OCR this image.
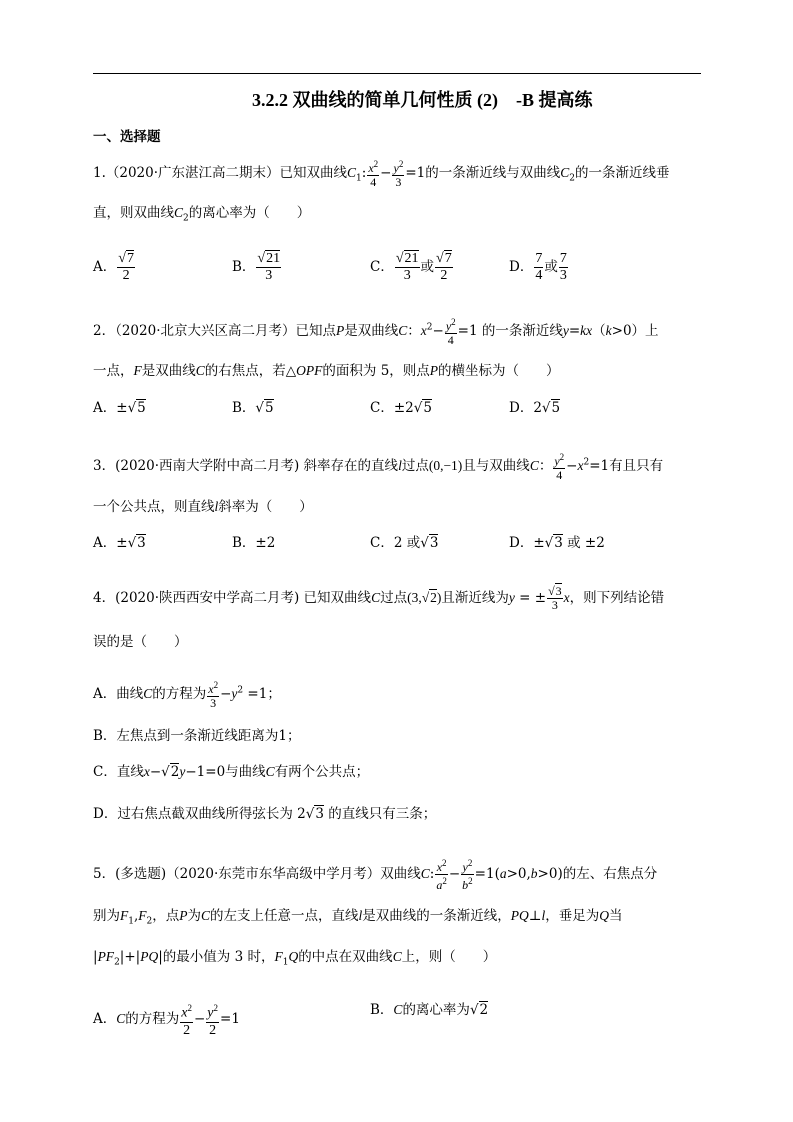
3.2.2 双曲线的简单几何性质 (2)　-B 提高练
一、选择题
1.（2020·广东湛江高二期末）已知双曲线$C_1$: $\frac{x^2}{4} - \frac{y^2}{3} =1$的一条渐近线与双曲线$C_2$的一条渐近线垂
直，则双曲线$C_2$的离心率为（　　）
A． $\frac{√7}{2}$	B． $\frac{√21}{3}$	C． $\frac{√21}{3}$ 或 $\frac{√7}{2}$	D． $\frac{7}{4}$ 或 $\frac{7}{3}$
2．（2020·北京大兴区高二月考）已知点P是双曲线C：$x^2- \frac{y^2}{4} =1$ 的一条渐近线y=kx（k>0）上
一点，F是双曲线C的右焦点，若△OPF的面积为 5，则点P的横坐标为（　　）
A．±√5	B．√5	C．±2√5	D．2√5
3．(2020·西南大学附中高二月考) 斜率存在的直线l过点(0,−1)且与双曲线C： $\frac{y^2}{4} -x^2=1$有且只有
一个公共点，则直线l斜率为（　　）
A．±√3	B．±2	C．2 或√3	D．±√3 或 ±2
4．(2020·陕西西安中学高二月考) 已知双曲线C过点(3,√2)且渐近线为y = ± $\frac{√3}{3}$ x，则下列结论错
误的是（　　）
A．曲线C的方程为 $\frac{x^2}{3} -y^2 =1$；
B．左焦点到一条渐近线距离为1；
C．直线x−√2y−1=0与曲线C有两个公共点；
D．过右焦点截双曲线所得弦长为 2√3 的直线只有三条；
5．(多选题)（2020·东莞市东华高级中学月考）双曲线C: $\frac{x^2}{a^2} - \frac{y^2}{b^2} =1(a>0,b>0)$的左、右焦点分
别为$F_1,F_2$，点P为C的左支上任意一点，直线l是双曲线的一条渐近线，PQ⊥l，垂足为Q当
$|PF_2|+|PQ|$的最小值为 3 时，$F_1Q$的中点在双曲线C上，则（　　）
A．C的方程为 $\frac{x^2}{2} - \frac{y^2}{2} =1$
B．C的离心率为√2
